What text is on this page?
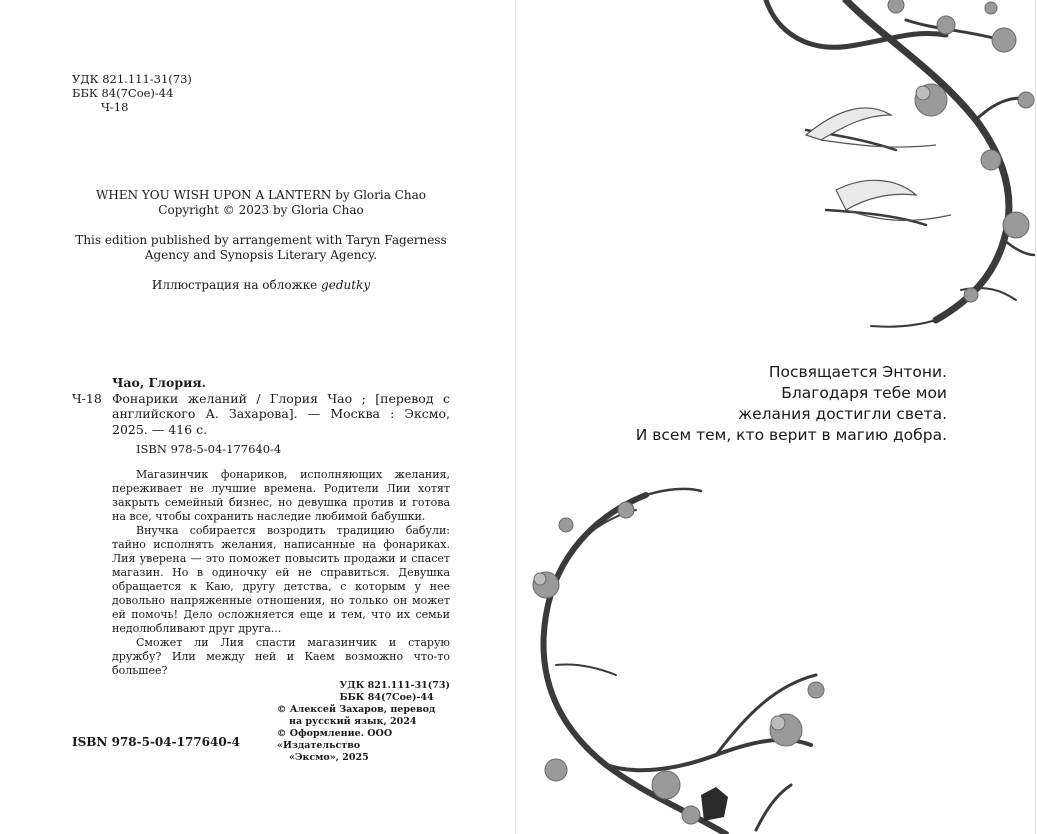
УДК 821.111-31(73)
ББК 84(7Сое)-44
Ч-18

WHEN YOU WISH UPON A LANTERN by Gloria Chao

Copyright © 2023 by Gloria Chao

This edition published by arrangement with Taryn Fagerness

Agency and Synopsis Literary Agency.

Иллюстрация на обложке gedutky

Чао, Глория.
Ч-18 Фонарики желаний / Глория Чао ; [перевод с английского А. Захарова]. — Москва : Эксмо, 2025. — 416 с.
ISBN 978-5-04-177640-4

Магазинчик фонариков, исполняющих желания, переживает не лучшие времена. Родители Лии хотят закрыть семейный бизнес, но девушка против и готова на все, чтобы сохранить наследие любимой бабушки.

Внучка собирается возродить традицию бабули: тайно исполнять желания, написанные на фонариках. Лия уверена — это поможет повысить продажи и спасет магазин. Но в одиночку ей не справиться. Девушка обращается к Каю, другу детства, с которым у нее довольно напряженные отношения, но только он может ей помочь! Дело осложняется еще и тем, что их семьи недолюбливают друг друга...

Сможет ли Лия спасти магазинчик и старую дружбу? Или между ней и Каем возможно что-то большее?

УДК 821.111-31(73)
ББК 84(7Сое)-44
ISBN 978-5-04-177640-4
© Алексей Захаров, перевод
на русский язык, 2024
© Оформление. ООО «Издательство
«Эксмо», 2025
Посвящается Энтони.
Благодаря тебе мои
желания достигли света.
И всем тем, кто верит в магию добра.
